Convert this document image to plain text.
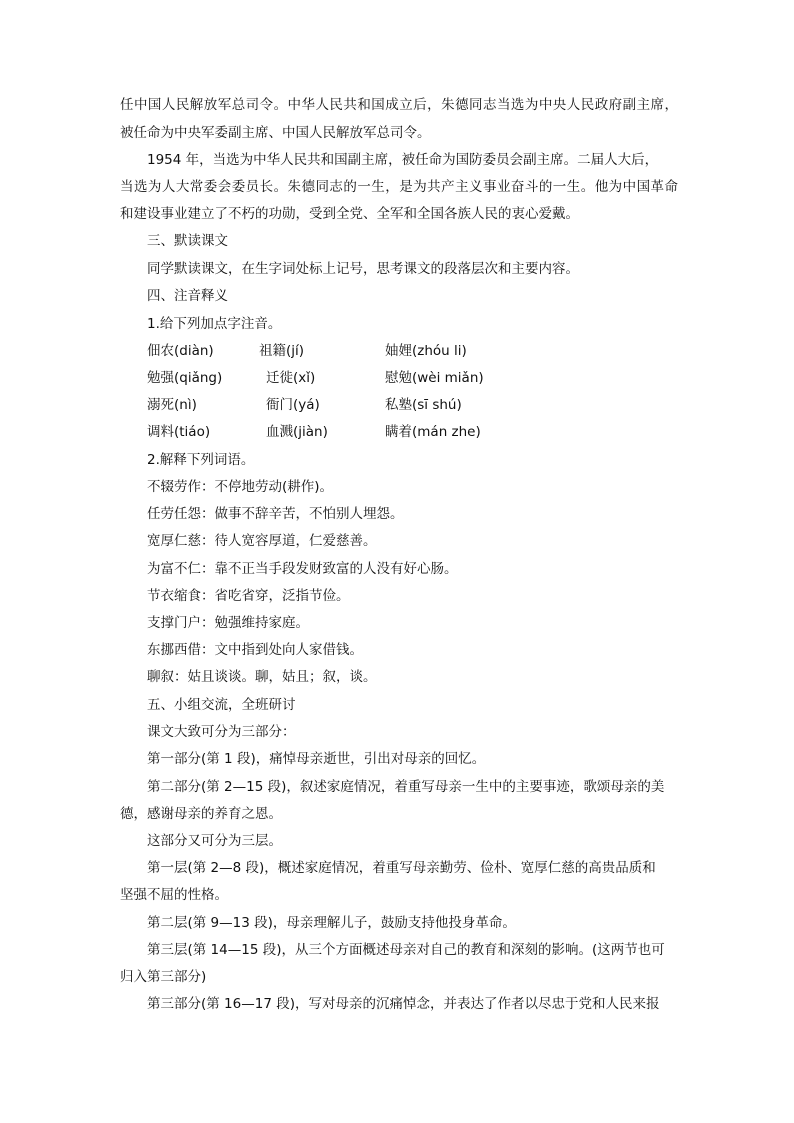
任中国人民解放军总司令。中华人民共和国成立后，朱德同志当选为中央人民政府副主席，
被任命为中央军委副主席、中国人民解放军总司令。
1954 年，当选为中华人民共和国副主席，被任命为国防委员会副主席。二届人大后，
当选为人大常委会委员长。朱德同志的一生，是为共产主义事业奋斗的一生。他为中国革命
和建设事业建立了不朽的功勋，受到全党、全军和全国各族人民的衷心爱戴。
三、默读课文
同学默读课文，在生字词处标上记号，思考课文的段落层次和主要内容。
四、注音释义
1.给下列加点字注音。
佃农(diàn)	祖籍(jí)	妯娌(zhóu li)
勉强(qiǎng)	迁徙(xǐ)	慰勉(wèi miǎn)
溺死(nì)	衙门(yá)	私塾(sī shú)
调料(tiáo)	血溅(jiàn)	瞒着(mán zhe)
2.解释下列词语。
不辍劳作：不停地劳动(耕作)。
任劳任怨：做事不辞辛苦，不怕别人埋怨。
宽厚仁慈：待人宽容厚道，仁爱慈善。
为富不仁：靠不正当手段发财致富的人没有好心肠。
节衣缩食：省吃省穿，泛指节俭。
支撑门户：勉强维持家庭。
东挪西借：文中指到处向人家借钱。
聊叙：姑且谈谈。聊，姑且；叙，谈。
五、小组交流，全班研讨
课文大致可分为三部分：
第一部分(第 1 段)，痛悼母亲逝世，引出对母亲的回忆。
第二部分(第 2—15 段)，叙述家庭情况，着重写母亲一生中的主要事迹，歌颂母亲的美
德，感谢母亲的养育之恩。
这部分又可分为三层。
第一层(第 2—8 段)，概述家庭情况，着重写母亲勤劳、俭朴、宽厚仁慈的高贵品质和
坚强不屈的性格。
第二层(第 9—13 段)，母亲理解儿子，鼓励支持他投身革命。
第三层(第 14—15 段)，从三个方面概述母亲对自己的教育和深刻的影响。(这两节也可
归入第三部分)
第三部分(第 16—17 段)，写对母亲的沉痛悼念，并表达了作者以尽忠于党和人民来报
